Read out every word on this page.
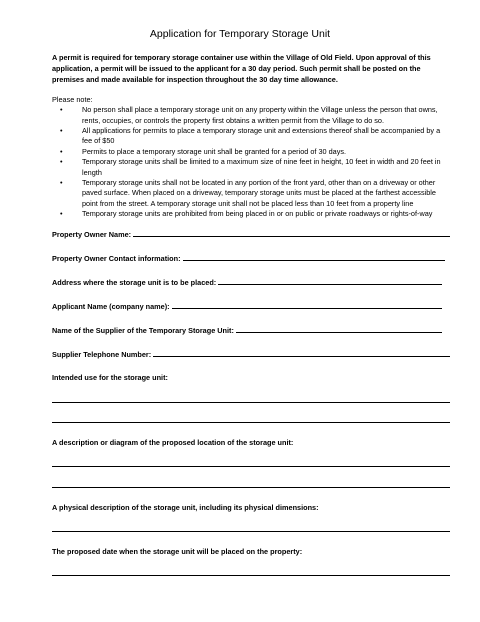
Application for Temporary Storage Unit

A permit is required for temporary storage container use within the Village of Old Field. Upon approval of this application, a permit will be issued to the applicant for a 30 day period. Such permit shall be posted on the premises and made available for inspection throughout the 30 day time allowance.

Please note:

•	No person shall place a temporary storage unit on any property within the Village unless the person that owns, rents, occupies, or controls the property first obtains a written permit from the Village to do so.
•	All applications for permits to place a temporary storage unit and extensions thereof shall be accompanied by a fee of $50
•	Permits to place a temporary storage unit shall be granted for a period of 30 days.
•	Temporary storage units shall be limited to a maximum size of nine feet in height, 10 feet in width and 20 feet in length
•	Temporary storage units shall not be located in any portion of the front yard, other than on a driveway or other paved surface. When placed on a driveway, temporary storage units must be placed at the farthest accessible point from the street. A temporary storage unit shall not be placed less than 10 feet from a property line
•	Temporary storage units are prohibited from being placed in or on public or private roadways or rights-of-way

Property Owner Name:

Property Owner Contact information:

Address where the storage unit is to be placed:

Applicant Name (company name):

Name of the Supplier of the Temporary Storage Unit:

Supplier Telephone Number:

Intended use for the storage unit:

A description or diagram of the proposed location of the storage unit:

A physical description of the storage unit, including its physical dimensions:

The proposed date when the storage unit will be placed on the property:
